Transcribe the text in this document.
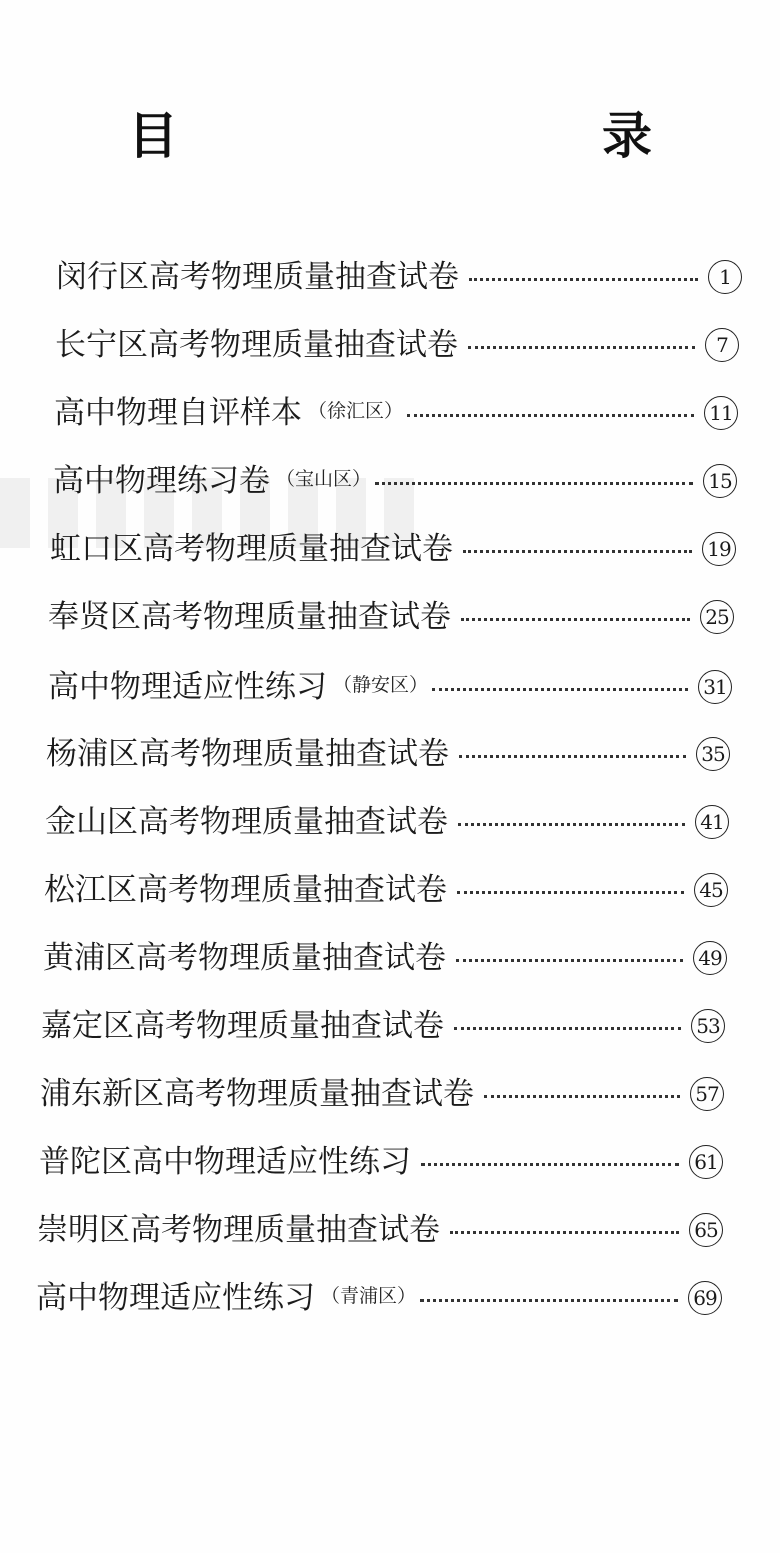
目　　录
闵行区高考物理质量抽查试卷	1
长宁区高考物理质量抽查试卷	7
高中物理自评样本 （徐汇区）	11
高中物理练习卷 （宝山区）	15
虹口区高考物理质量抽查试卷	19
奉贤区高考物理质量抽查试卷	25
高中物理适应性练习 （静安区）	31
杨浦区高考物理质量抽查试卷	35
金山区高考物理质量抽查试卷	41
松江区高考物理质量抽查试卷	45
黄浦区高考物理质量抽查试卷	49
嘉定区高考物理质量抽查试卷	53
浦东新区高考物理质量抽查试卷	57
普陀区高中物理适应性练习	61
崇明区高考物理质量抽查试卷	65
高中物理适应性练习 （青浦区）	69
